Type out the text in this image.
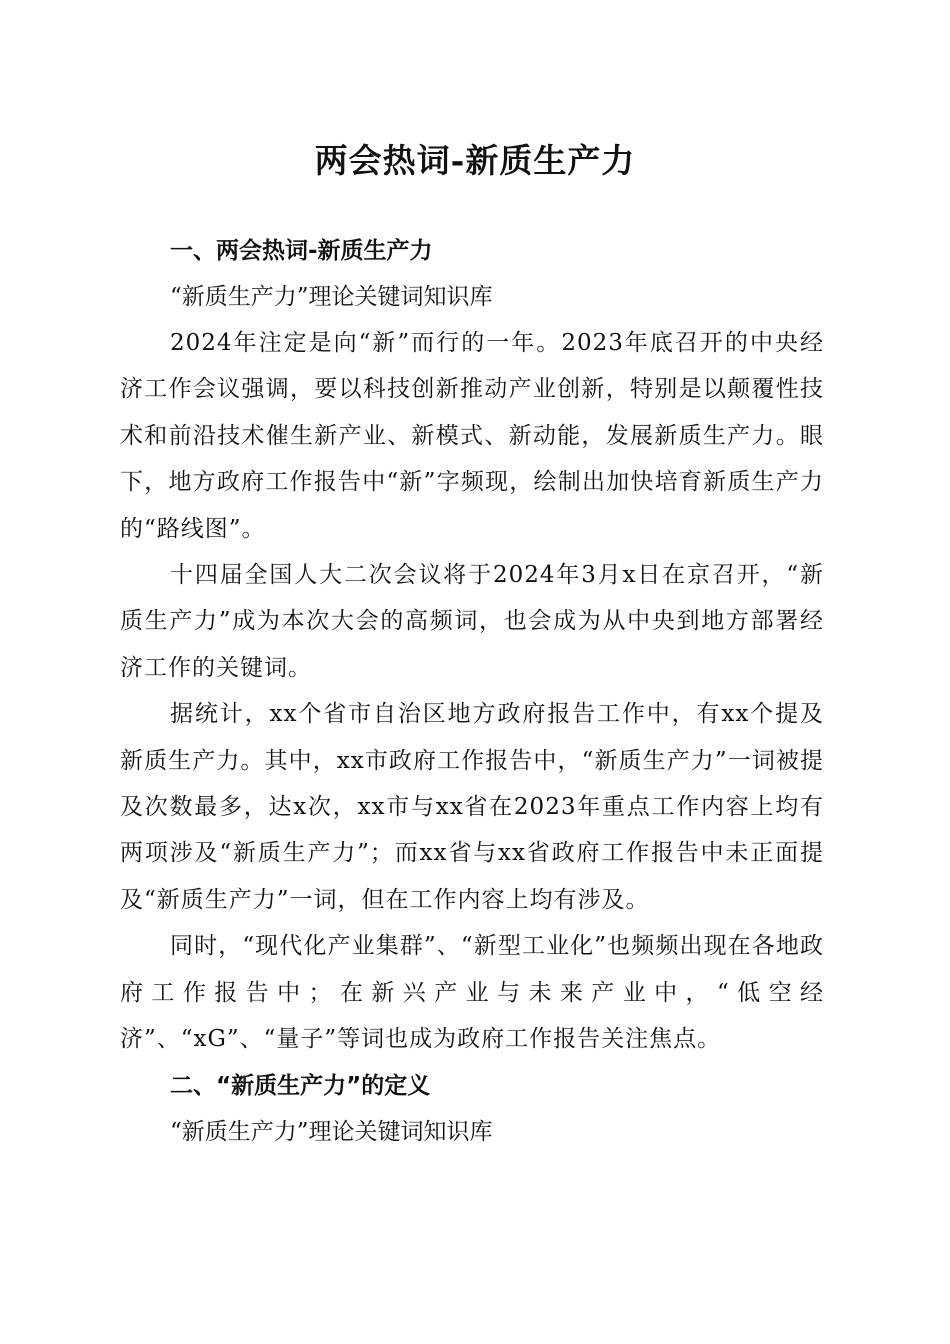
两会热词-新质生产力

一、两会热词-新质生产力

“新质生产力”理论关键词知识库

2024年注定是向“新”而行的一年。2023年底召开的中央经济工作会议强调，要以科技创新推动产业创新，特别是以颠覆性技术和前沿技术催生新产业、新模式、新动能，发展新质生产力。眼下，地方政府工作报告中“新”字频现，绘制出加快培育新质生产力的“路线图”。

十四届全国人大二次会议将于2024年3月x日在京召开，“新质生产力”成为本次大会的高频词，也会成为从中央到地方部署经济工作的关键词。

据统计，xx个省市自治区地方政府报告工作中，有xx个提及新质生产力。其中，xx市政府工作报告中，“新质生产力”一词被提及次数最多，达x次，xx市与xx省在2023年重点工作内容上均有两项涉及“新质生产力”；而xx省与xx省政府工作报告中未正面提及“新质生产力”一词，但在工作内容上均有涉及。

同时，“现代化产业集群”、“新型工业化”也频频出现在各地政府工作报告中；在新兴产业与未来产业中，“低空经济”、“xG”、“量子”等词也成为政府工作报告关注焦点。

二、“新质生产力”的定义

“新质生产力”理论关键词知识库
